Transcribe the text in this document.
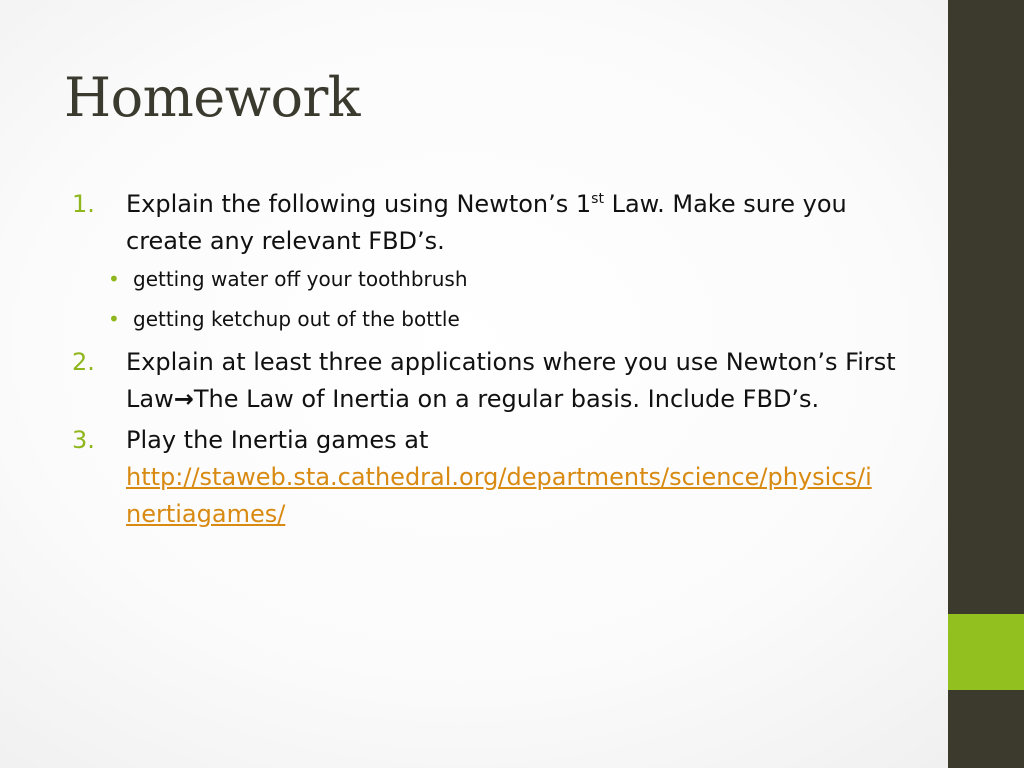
Homework
1. Explain the following using Newton’s 1st Law. Make sure you create any relevant FBD’s.
• getting water off your toothbrush
• getting ketchup out of the bottle
2. Explain at least three applications where you use Newton’s First Law→The Law of Inertia on a regular basis. Include FBD’s.
3. Play the Inertia games at
http://staweb.sta.cathedral.org/departments/science/physics/inertiagames/
